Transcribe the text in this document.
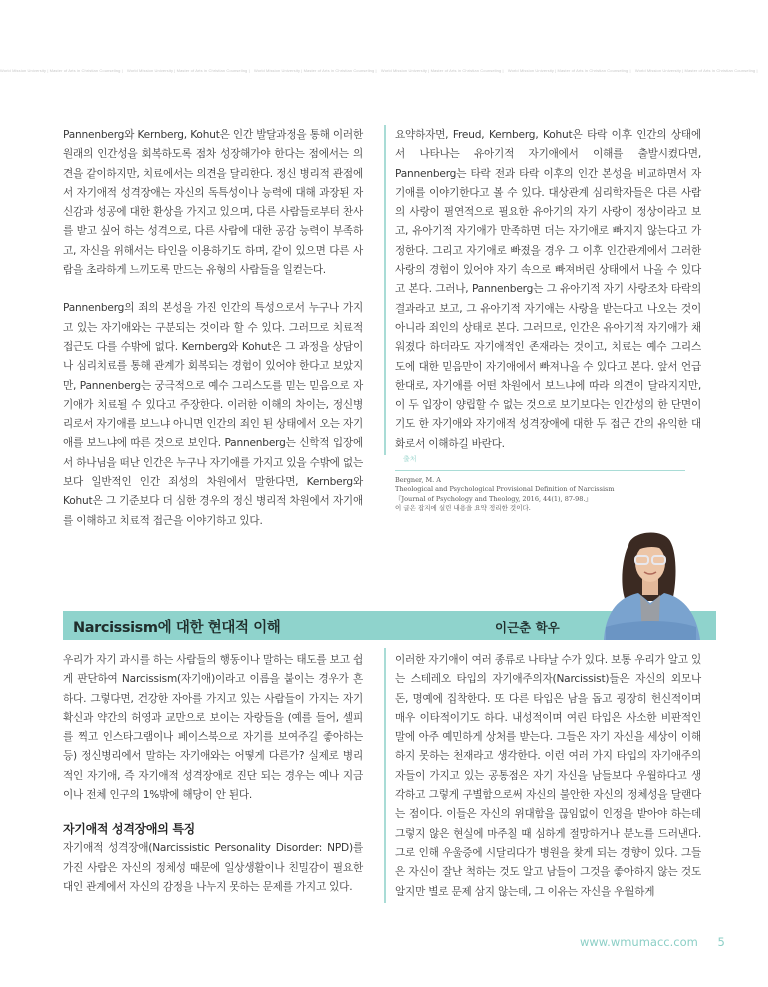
World Mission University | Master of Arts in Christian Counseling | World Mission University | Master of Arts in Christian Counseling | World Mission University | Master of Arts in Christian Counseling | World Mission University | Master of Arts in Christian Counseling | World Mission University | Master of Arts in Christian Counseling | World Mission University | Master of Arts in Christian Counseling |

Pannenberg와 Kernberg, Kohut은 인간 발달과정을 통해 이러한 원래의 인간성을 회복하도록 점차 성장해가야 한다는 점에서는 의견을 같이하지만, 치료에서는 의견을 달리한다. 정신 병리적 관점에서 자기애적 성격장애는 자신의 독특성이나 능력에 대해 과장된 자신감과 성공에 대한 환상을 가지고 있으며, 다른 사람들로부터 찬사를 받고 싶어 하는 성격으로, 다른 사람에 대한 공감 능력이 부족하고, 자신을 위해서는 타인을 이용하기도 하며, 같이 있으면 다른 사람을 초라하게 느끼도록 만드는 유형의 사람들을 일컫는다.

Pannenberg의 죄의 본성을 가진 인간의 특성으로서 누구나 가지고 있는 자기애와는 구분되는 것이라 할 수 있다. 그러므로 치료적 접근도 다를 수밖에 없다. Kernberg와 Kohut은 그 과정을 상담이나 심리치료를 통해 관계가 회복되는 경험이 있어야 한다고 보았지만, Pannenberg는 궁극적으로 예수 그리스도를 믿는 믿음으로 자기애가 치료될 수 있다고 주장한다. 이러한 이해의 차이는, 정신병리로서 자기애를 보느냐 아니면 인간의 죄인 된 상태에서 오는 자기애를 보느냐에 따른 것으로 보인다. Pannenberg는 신학적 입장에서 하나님을 떠난 인간은 누구나 자기애를 가지고 있을 수밖에 없는 보다 일반적인 인간 죄성의 차원에서 말한다면, Kernberg와 Kohut은 그 기준보다 더 심한 경우의 정신 병리적 차원에서 자기애를 이해하고 치료적 접근을 이야기하고 있다.

요약하자면, Freud, Kernberg, Kohut은 타락 이후 인간의 상태에서 나타나는 유아기적 자기애에서 이해를 출발시켰다면, Pannenberg는 타락 전과 타락 이후의 인간 본성을 비교하면서 자기애를 이야기한다고 볼 수 있다. 대상관계 심리학자들은 다른 사람의 사랑이 필연적으로 필요한 유아기의 자기 사랑이 정상이라고 보고, 유아기적 자기애가 만족하면 더는 자기애로 빠지지 않는다고 가정한다. 그리고 자기애로 빠졌을 경우 그 이후 인간관계에서 그러한 사랑의 경험이 있어야 자기 속으로 빠져버린 상태에서 나올 수 있다고 본다. 그러나, Pannenberg는 그 유아기적 자기 사랑조차 타락의 결과라고 보고, 그 유아기적 자기애는 사랑을 받는다고 나오는 것이 아니라 죄인의 상태로 본다. 그러므로, 인간은 유아기적 자기애가 채워졌다 하더라도 자기애적인 존재라는 것이고, 치료는 예수 그리스도에 대한 믿음만이 자기애에서 빠져나올 수 있다고 본다. 앞서 언급한대로, 자기애를 어떤 차원에서 보느냐에 따라 의견이 달라지지만, 이 두 입장이 양립할 수 없는 것으로 보기보다는 인간성의 한 단면이기도 한 자기애와 자기애적 성격장애에 대한 두 접근 간의 유익한 대화로서 이해하길 바란다.

출처
Bergner, M. A
Theological and Psychological Provisional Definition of Narcissism
『Journal of Psychology and Theology, 2016, 44(1), 87-98.』
이 글은 잡지에 실린 내용을 요약 정리한 것이다.
Narcissism에 대한 현대적 이해	이근춘 학우

우리가 자기 과시를 하는 사람들의 행동이나 말하는 태도를 보고 쉽게 판단하여 Narcissism(자기애)이라고 이름을 붙이는 경우가 흔하다. 그렇다면, 건강한 자아를 가지고 있는 사람들이 가지는 자기확신과 약간의 허영과 교만으로 보이는 자랑들을 (예를 들어, 셀피를 찍고 인스타그램이나 페이스북으로 자기를 보여주길 좋아하는 등) 정신병리에서 말하는 자기애와는 어떻게 다른가? 실제로 병리적인 자기애, 즉 자기애적 성격장애로 진단 되는 경우는 예나 지금이나 전체 인구의 1%밖에 해당이 안 된다.

자기애적 성격장애의 특징

자기애적 성격장애(Narcissistic Personality Disorder: NPD)를 가진 사람은 자신의 정체성 때문에 일상생활이나 친밀감이 필요한 대인 관계에서 자신의 감정을 나누지 못하는 문제를 가지고 있다.

이러한 자기애이 여러 종류로 나타날 수가 있다. 보통 우리가 알고 있는 스테레오 타입의 자기애주의자(Narcissist)들은 자신의 외모나 돈, 명예에 집착한다. 또 다른 타입은 남을 돕고 굉장히 헌신적이며 매우 이타적이기도 하다. 내성적이며 여린 타입은 사소한 비판적인 말에 아주 예민하게 상처를 받는다. 그들은 자기 자신을 세상이 이해하지 못하는 천재라고 생각한다. 이런 여러 가지 타입의 자기애주의자들이 가지고 있는 공통점은 자기 자신을 남들보다 우월하다고 생각하고 그렇게 구별함으로써 자신의 불안한 자신의 정체성을 달랜다는 점이다. 이들은 자신의 위대함을 끊임없이 인정을 받아야 하는데 그렇지 않은 현실에 마주칠 때 심하게 절망하거나 분노를 드러낸다. 그로 인해 우울증에 시달리다가 병원을 찾게 되는 경향이 있다. 그들은 자신이 잘난 척하는 것도 알고 남들이 그것을 좋아하지 않는 것도 알지만 별로 문제 삼지 않는데, 그 이유는 자신을 우월하게

www.wmumacc.com 5
